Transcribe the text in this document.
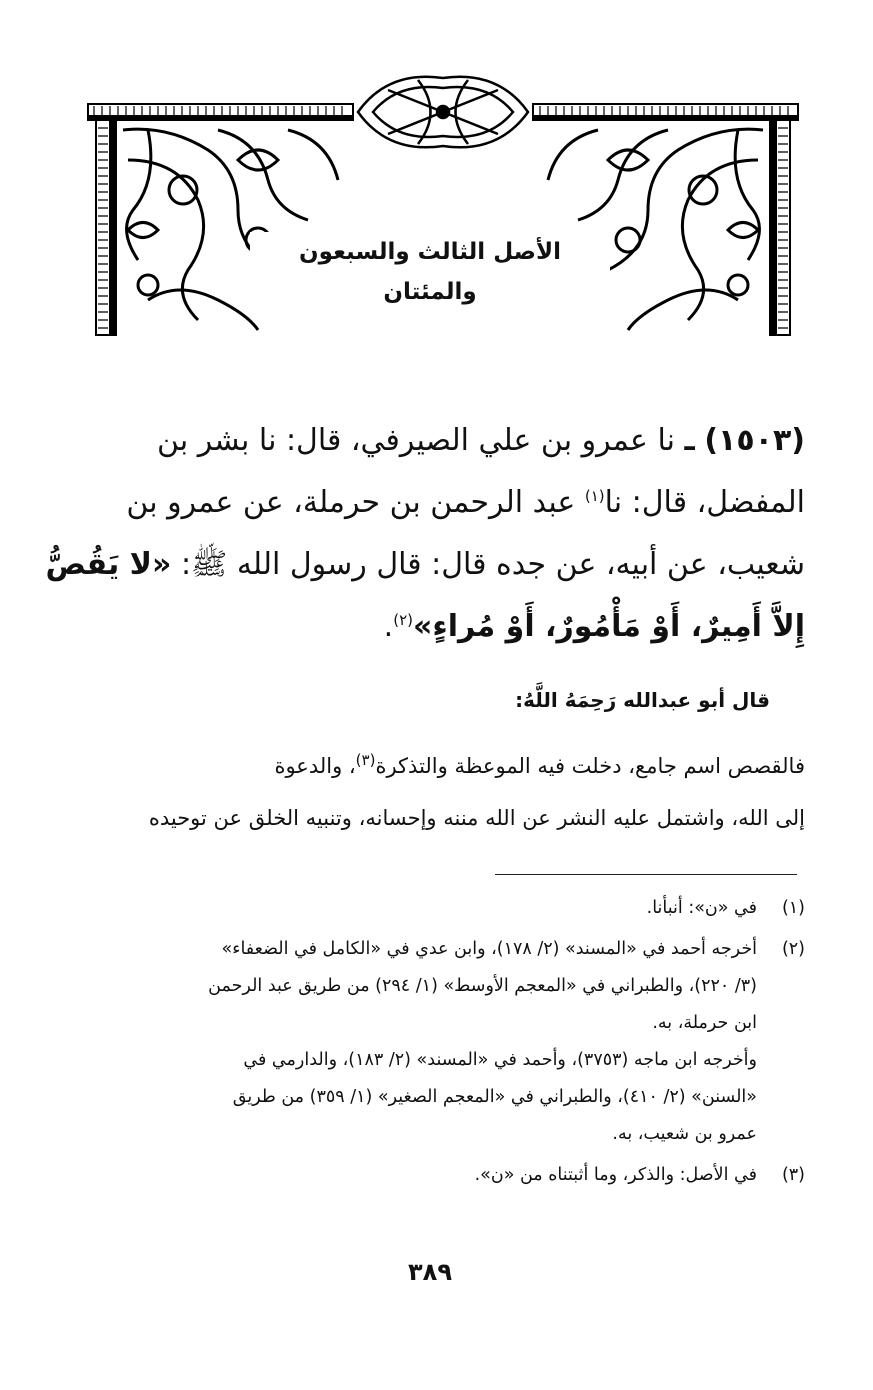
الأصل الثالث والسبعون والمئتان
(١٥٠٣) ـ نا عمرو بن علي الصيرفي، قال: نا بشر بن
المفضل، قال: نا$^{(١)}$ عبد الرحمن بن حرملة، عن عمرو بن
شعيب، عن أبيه، عن جده قال: قال رسول الله ﷺ: «لا يَقُصُّ
إِلاَّ أَمِيرٌ، أَوْ مَأْمُورٌ، أَوْ مُراءٍ»$^{(٢)}$.
قال أبو عبدالله رَحِمَهُ اللَّهُ:
فالقصص اسم جامع، دخلت فيه الموعظة والتذكرة$^{(٣)}$، والدعوة
إلى الله، واشتمل عليه النشر عن الله مننه وإحسانه، وتنبيه الخلق عن توحيده
(١)
في «ن»: أنبأنا.
(٢)
أخرجه أحمد في «المسند» (٢/ ١٧٨)، وابن عدي في «الكامل في الضعفاء»
(٣/ ٢٢٠)، والطبراني في «المعجم الأوسط» (١/ ٢٩٤) من طريق عبد الرحمن
ابن حرملة، به.
وأخرجه ابن ماجه (٣٧٥٣)، وأحمد في «المسند» (٢/ ١٨٣)، والدارمي في
«السنن» (٢/ ٤١٠)، والطبراني في «المعجم الصغير» (١/ ٣٥٩) من طريق
عمرو بن شعيب، به.
(٣)
في الأصل: والذكر، وما أثبتناه من «ن».
٣٨٩
